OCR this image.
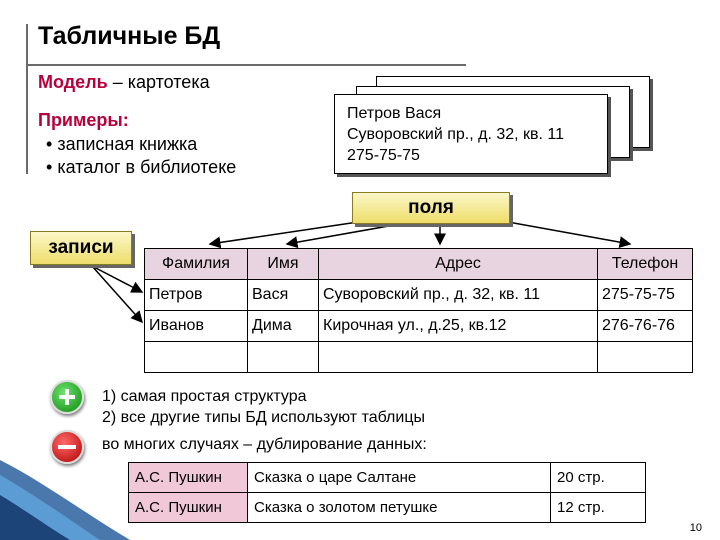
Табличные БД
Модель – картотека
Примеры:
• записная книжка
• каталог в библиотеке
Петров Вася
Суворовский пр., д. 32, кв. 11
275-75-75
поля
записи
Фамилия	Имя	Адрес	Телефон
Петров	Вася	Суворовский пр., д. 32, кв. 11	275-75-75
Иванов	Дима	Кирочная ул., д.25, кв.12	276-76-76

1) самая простая структура
2) все другие типы БД используют таблицы
во многих случаях – дублирование данных:
А.С. Пушкин	Сказка о царе Салтане	20 стр.
А.С. Пушкин	Сказка о золотом петушке	12 стр.
10
